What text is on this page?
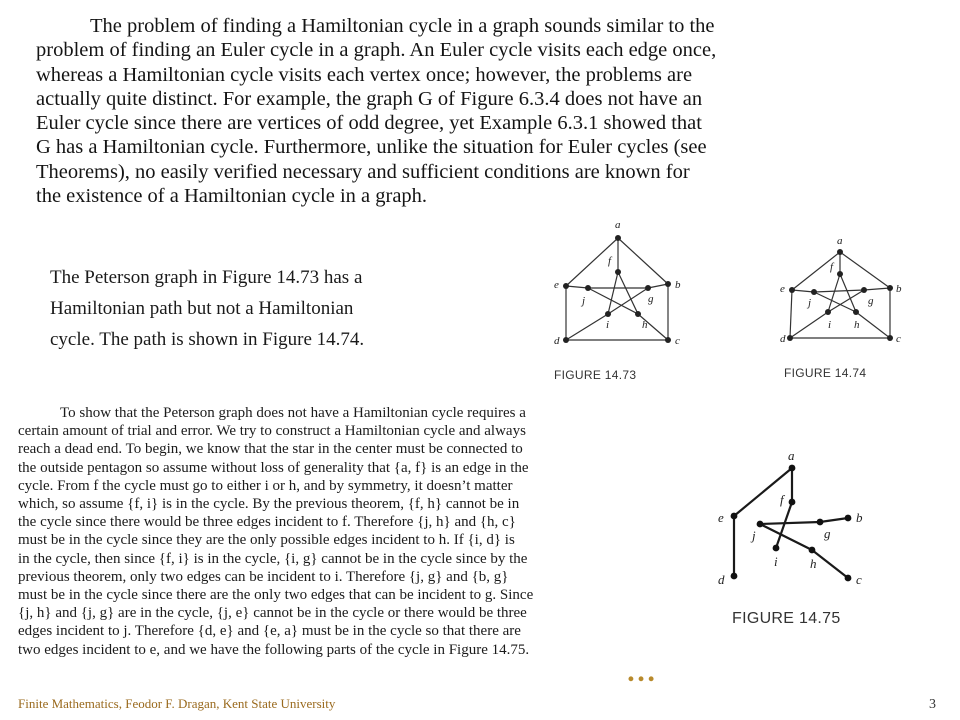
The problem of finding a Hamiltonian cycle in a graph sounds similar to the

problem of finding an Euler cycle in a graph. An Euler cycle visits each edge once,

whereas a Hamiltonian cycle visits each vertex once; however, the problems are

actually quite distinct. For example, the graph G of Figure 6.3.4 does not have an

Euler cycle since there are vertices of odd degree, yet Example 6.3.1 showed that

G has a Hamiltonian cycle. Furthermore, unlike the situation for Euler cycles (see

Theorems), no easily verified necessary and sufficient conditions are known for

the existence of a Hamiltonian cycle in a graph.

The Peterson graph in Figure 14.73 has a

Hamiltonian path but not a Hamiltonian

cycle. The path is shown in Figure 14.74.

a
b
c
d
e
f
g
h
i
j
FIGURE 14.73
a
b
c
d
e
f
g
h
i
j
FIGURE 14.74
a
b
c
d
e
f
g
h
i
j
FIGURE 14.75

To show that the Peterson graph does not have a Hamiltonian cycle requires a

certain amount of trial and error. We try to construct a Hamiltonian cycle and always

reach a dead end. To begin, we know that the star in the center must be connected to

the outside pentagon so assume without loss of generality that {a, f} is an edge in the

cycle. From f the cycle must go to either i or h, and by symmetry, it doesn’t matter

which, so assume {f, i} is in the cycle. By the previous theorem, {f, h} cannot be in

the cycle since there would be three edges incident to f. Therefore {j, h} and {h, c}

must be in the cycle since they are the only possible edges incident to h. If {i, d} is

in the cycle, then since {f, i} is in the cycle, {i, g} cannot be in the cycle since by the

previous theorem, only two edges can be incident to i. Therefore {j, g} and {b, g}

must be in the cycle since there are the only two edges that can be incident to g. Since

{j, h} and {j, g} are in the cycle, {j, e} cannot be in the cycle or there would be three

edges incident to j. Therefore {d, e} and {e, a} must be in the cycle so that there are

two edges incident to e, and we have the following parts of the cycle in Figure 14.75.

…
Finite Mathematics, Feodor F. Dragan, Kent State University	3
